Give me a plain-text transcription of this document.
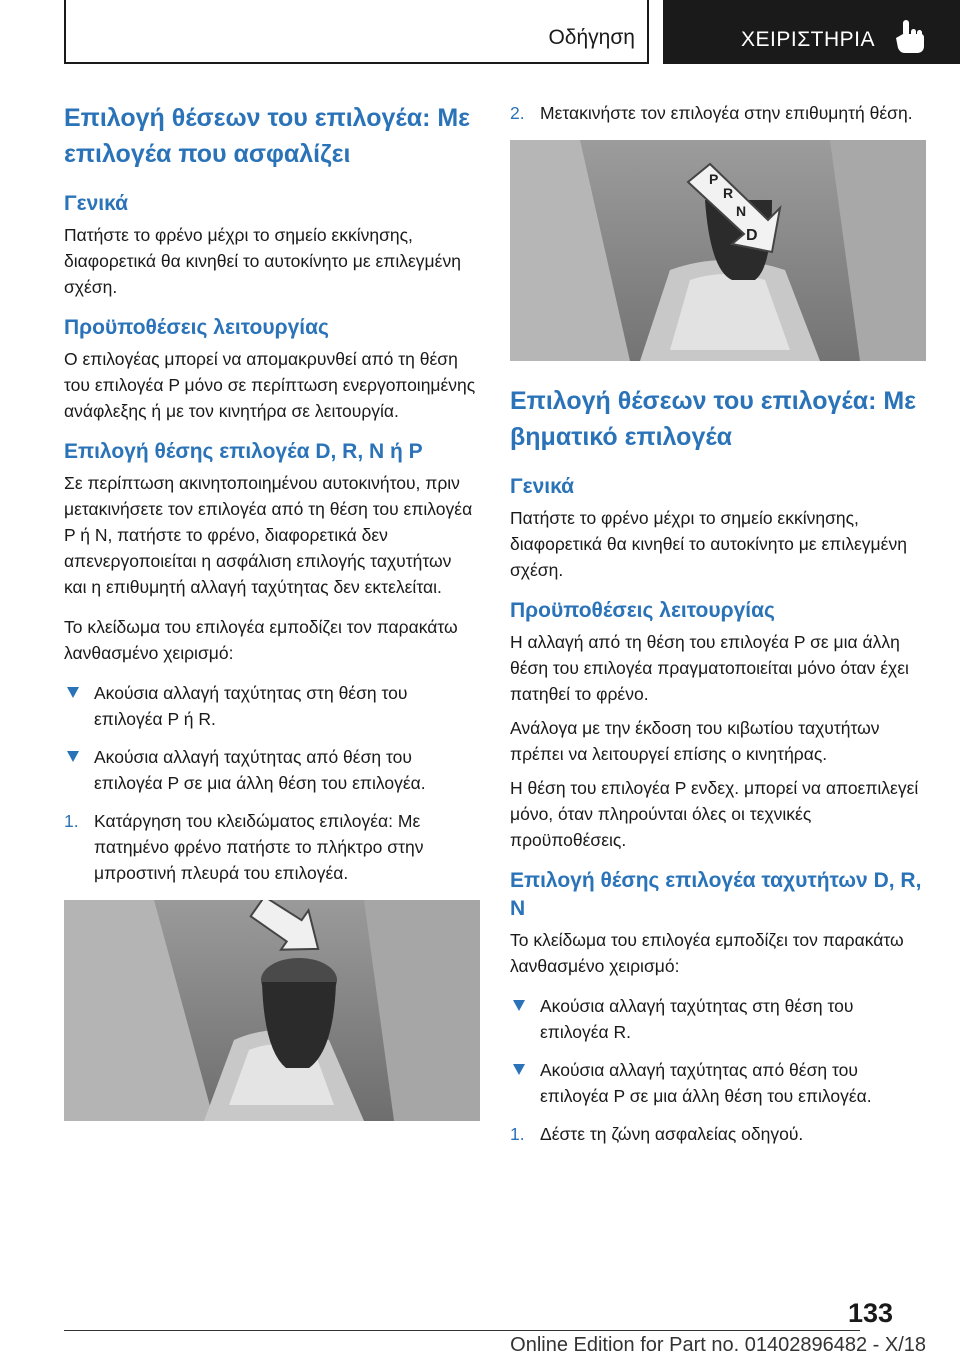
Οδήγηση	ΧΕΙΡΙΣΤΗΡΙΑ
Επιλογή θέσεων του επιλογέα: Με επιλογέα που ασφαλίζει
Γενικά

Πατήστε το φρένο μέχρι το σημείο εκκίνησης, διαφορετικά θα κινηθεί το αυτοκίνητο με επιλεγμένη σχέση.

Προϋποθέσεις λειτουργίας

Ο επιλογέας μπορεί να απομακρυνθεί από τη θέση του επιλογέα P μόνο σε περίπτωση ενεργοποιημένης ανάφλεξης ή με τον κινητήρα σε λειτουργία.

Επιλογή θέσης επιλογέα D, R, N ή P

Σε περίπτωση ακινητοποιημένου αυτοκινήτου, πριν μετακινήσετε τον επιλογέα από τη θέση του επιλογέα P ή N, πατήστε το φρένο, διαφορετικά δεν απενεργοποιείται η ασφάλιση επιλογής ταχυτήτων και η επιθυμητή αλλαγή ταχύτητας δεν εκτελείται.

Το κλείδωμα του επιλογέα εμποδίζει τον παρακάτω λανθασμένο χειρισμό:

Ακούσια αλλαγή ταχύτητας στη θέση του επιλογέα P ή R.
Ακούσια αλλαγή ταχύτητας από θέση του επιλογέα P σε μια άλλη θέση του επιλογέα.
1. Κατάργηση του κλειδώματος επιλογέα: Με πατημένο φρένο πατήστε το πλήκτρο στην μπροστινή πλευρά του επιλογέα.
2. Μετακινήστε τον επιλογέα στην επιθυμητή θέση.
P
R
N
D
Επιλογή θέσεων του επιλογέα: Με βηματικό επιλογέα
Γενικά

Πατήστε το φρένο μέχρι το σημείο εκκίνησης, διαφορετικά θα κινηθεί το αυτοκίνητο με επιλεγμένη σχέση.

Προϋποθέσεις λειτουργίας

Η αλλαγή από τη θέση του επιλογέα P σε μια άλλη θέση του επιλογέα πραγματοποιείται μόνο όταν έχει πατηθεί το φρένο.

Ανάλογα με την έκδοση του κιβωτίου ταχυτήτων πρέπει να λειτουργεί επίσης ο κινητήρας.

Η θέση του επιλογέα P ενδεχ. μπορεί να αποεπιλεγεί μόνο, όταν πληρούνται όλες οι τεχνικές προϋποθέσεις.

Επιλογή θέσης επιλογέα ταχυτήτων D, R, N

Το κλείδωμα του επιλογέα εμποδίζει τον παρακάτω λανθασμένο χειρισμό:

Ακούσια αλλαγή ταχύτητας στη θέση του επιλογέα R.
Ακούσια αλλαγή ταχύτητας από θέση του επιλογέα P σε μια άλλη θέση του επιλογέα.
1. Δέστε τη ζώνη ασφαλείας οδηγού.
133
Online Edition for Part no. 01402896482 - X/18
